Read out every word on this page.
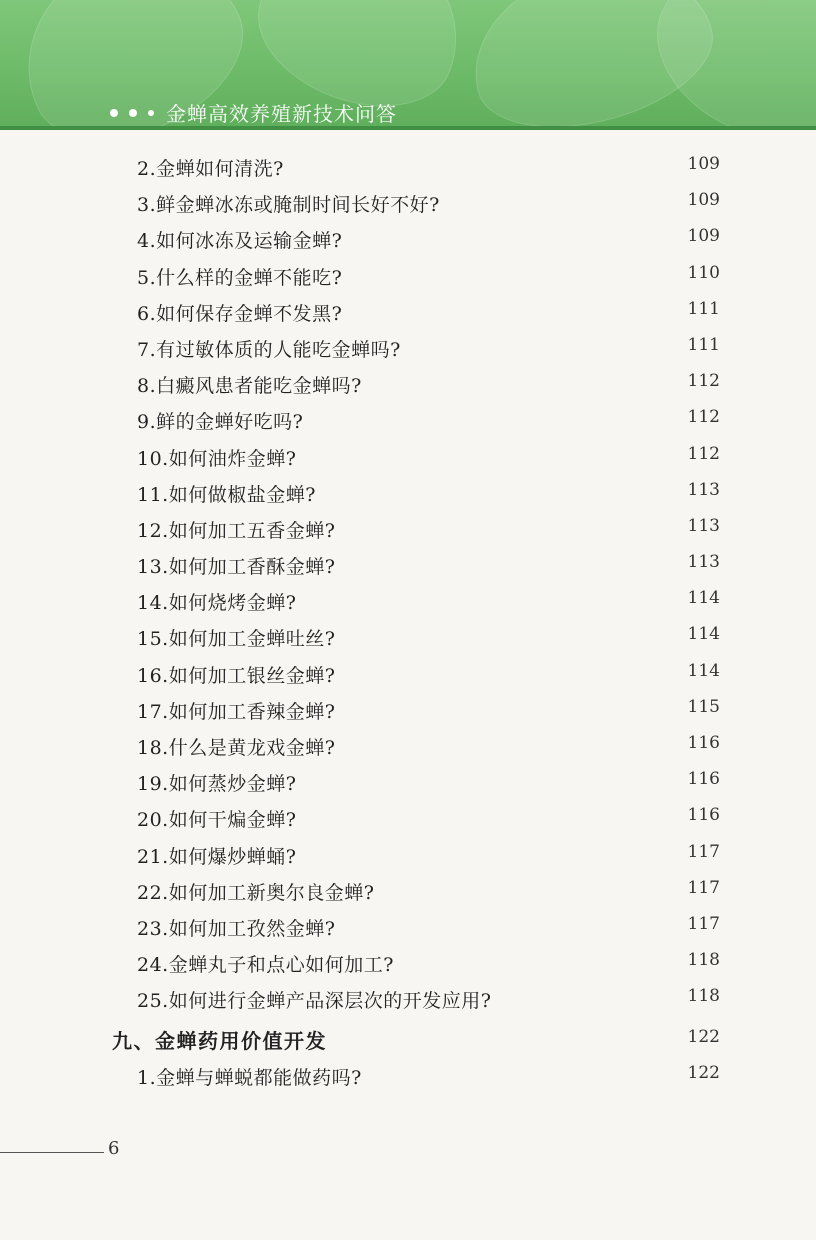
金蝉高效养殖新技术问答
2.金蝉如何清洗?	109
3.鲜金蝉冰冻或腌制时间长好不好?	109
4.如何冰冻及运输金蝉?	109
5.什么样的金蝉不能吃?	110
6.如何保存金蝉不发黑?	111
7.有过敏体质的人能吃金蝉吗?	111
8.白癜风患者能吃金蝉吗?	112
9.鲜的金蝉好吃吗?	112
10.如何油炸金蝉?	112
11.如何做椒盐金蝉?	113
12.如何加工五香金蝉?	113
13.如何加工香酥金蝉?	113
14.如何烧烤金蝉?	114
15.如何加工金蝉吐丝?	114
16.如何加工银丝金蝉?	114
17.如何加工香辣金蝉?	115
18.什么是黄龙戏金蝉?	116
19.如何蒸炒金蝉?	116
20.如何干煸金蝉?	116
21.如何爆炒蝉蛹?	117
22.如何加工新奥尔良金蝉?	117
23.如何加工孜然金蝉?	117
24.金蝉丸子和点心如何加工?	118
25.如何进行金蝉产品深层次的开发应用?	118
九、金蝉药用价值开发	122
1.金蝉与蝉蜕都能做药吗?	122
6
